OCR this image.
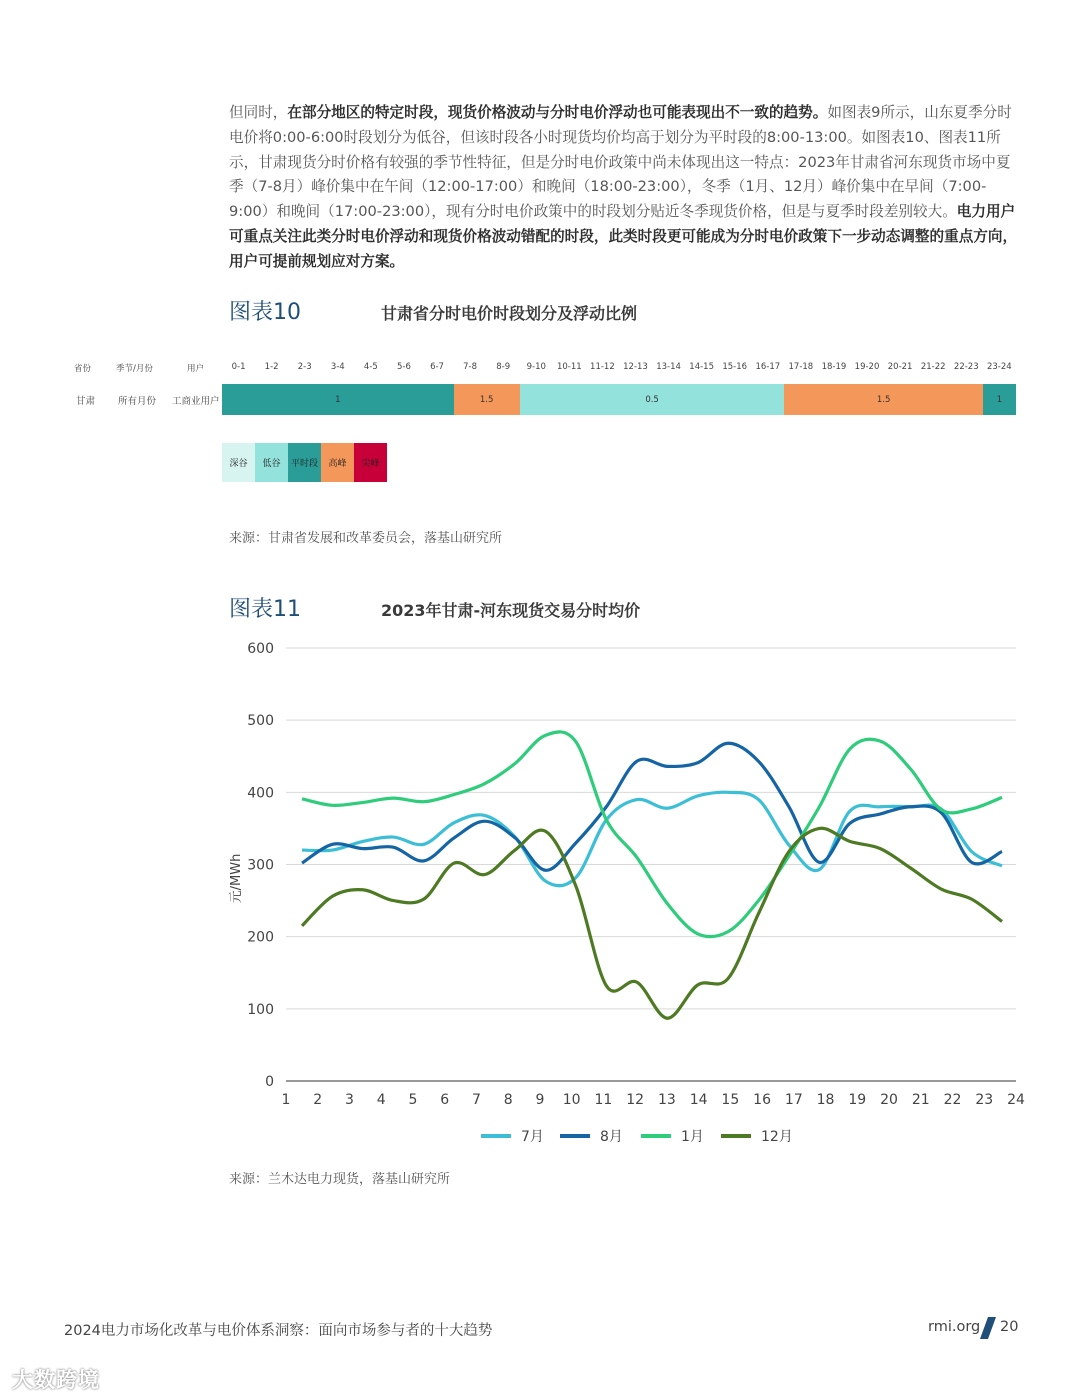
但同时，在部分地区的特定时段，现货价格波动与分时电价浮动也可能表现出不一致的趋势。如图表9所示，山东夏季分时电价将0:00-6:00时段划分为低谷，但该时段各小时现货均价均高于划分为平时段的8:00-13:00。如图表10、图表11所示，甘肃现货分时价格有较强的季节性特征，但是分时电价政策中尚未体现出这一特点：2023年甘肃省河东现货市场中夏季（7-8月）峰价集中在午间（12:00-17:00）和晚间（18:00-23:00），冬季（1月、12月）峰价集中在早间（7:00-9:00）和晚间（17:00-23:00），现有分时电价政策中的时段划分贴近冬季现货价格，但是与夏季时段差别较大。电力用户可重点关注此类分时电价浮动和现货价格波动错配的时段，此类时段更可能成为分时电价政策下一步动态调整的重点方向，用户可提前规划应对方案。

图表10	甘肃省分时电价时段划分及浮动比例
省份	季节/月份	用户	0-1	1-2	2-3	3-4	4-5	5-6	6-7	7-8	8-9	9-10	10-11 11-12 12-13 13-14 14-15 15-16 16-17 17-18 18-19 19-20 20-21 21-22 22-23 23-24
甘肃 所有月份 工商业用户	1	1.5	0.5	1.5	1
深谷	低谷	平时段	高峰	尖峰
来源：甘肃省发展和改革委员会，落基山研究所
图表11	2023年甘肃-河东现货交易分时均价
0
100
200
300
400
500
600
1 2 3 4 5 6 7 8 9 10 11 12 13 14 15 16 17 18 19 20 21 22 23 24
元/MWh
7月	8月	1月	12月
来源：兰木达电力现货，落基山研究所
2024电力市场化改革与电价体系洞察：面向市场参与者的十大趋势	rmi.org 20
大数跨境
